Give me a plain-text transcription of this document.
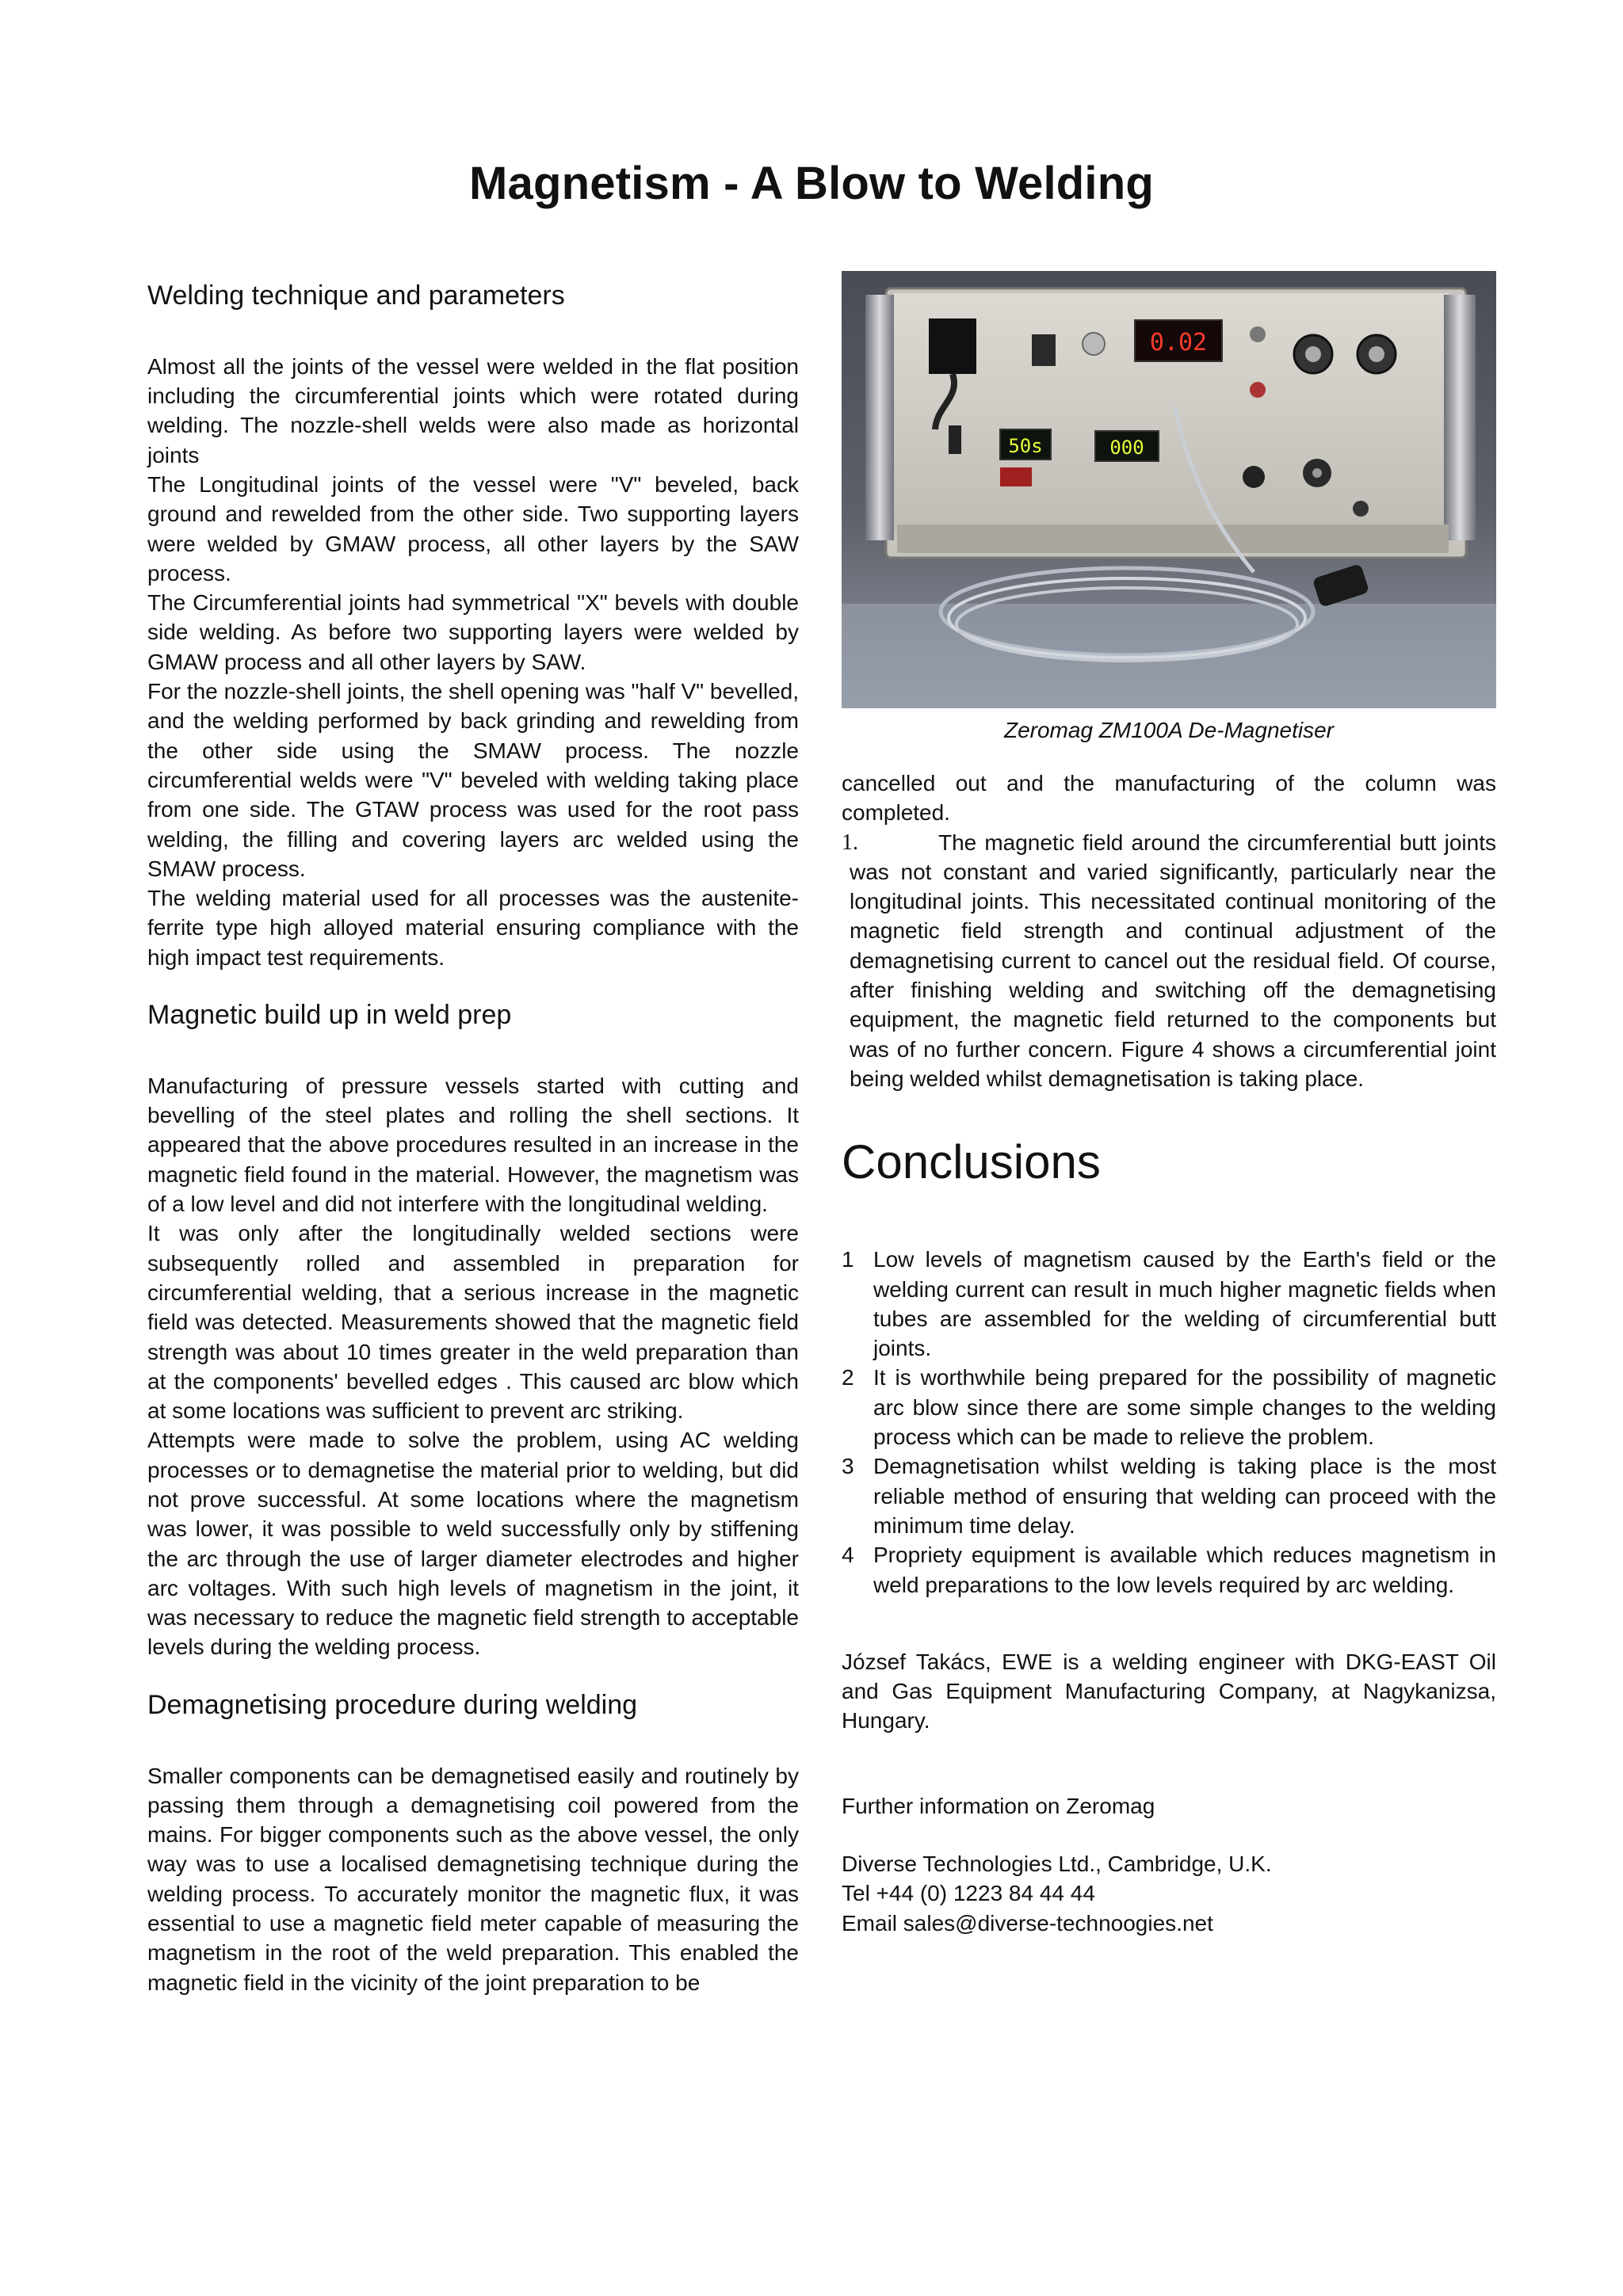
Magnetism - A Blow to Welding
Welding technique and parameters

Almost all the joints of the vessel were welded in the flat position including the circumferential joints which were rotated during welding. The nozzle-shell welds were also made as horizontal joints

The Longitudinal joints of the vessel were "V" beveled, back ground and rewelded from the other side. Two supporting layers were welded by GMAW process, all other layers by the SAW process.

The Circumferential joints had symmetrical "X" bevels with double side welding. As before two supporting layers were welded by GMAW process and all other layers by SAW.

For the nozzle-shell joints, the shell opening was "half V" bevelled, and the welding performed by back grinding and rewelding from the other side using the SMAW process. The nozzle circumferential welds were "V" beveled with welding taking place from one side. The GTAW process was used for the root pass welding, the filling and covering layers arc welded using the SMAW process.

The welding material used for all processes was the austenite-ferrite type high alloyed material ensuring compliance with the high impact test requirements.

Magnetic build up in weld prep

Manufacturing of pressure vessels started with cutting and bevelling of the steel plates and rolling the shell sections. It appeared that the above procedures resulted in an increase in the magnetic field found in the material. However, the magnetism was of a low level and did not interfere with the longitudinal welding.

It was only after the longitudinally welded sections were subsequently rolled and assembled in preparation for circumferential welding, that a serious increase in the magnetic field was detected. Measurements showed that the magnetic field strength was about 10 times greater in the weld preparation than at the components' bevelled edges . This caused arc blow which at some locations was sufficient to prevent arc striking.

Attempts were made to solve the problem, using AC welding processes or to demagnetise the material prior to welding, but did not prove successful. At some locations where the magnetism was lower, it was possible to weld successfully only by stiffening the arc through the use of larger diameter electrodes and higher arc voltages. With such high levels of magnetism in the joint, it was necessary to reduce the magnetic field strength to acceptable levels during the welding process.

Demagnetising procedure during welding

Smaller components can be demagnetised easily and routinely by passing them through a demagnetising coil powered from the mains. For bigger components such as the above vessel, the only way was to use a localised demagnetising technique during the welding process. To accurately monitor the magnetic flux, it was essential to use a magnetic field meter capable of measuring the magnetism in the root of the weld preparation. This enabled the magnetic field in the vicinity of the joint preparation to be

0.02
50s	000
Zeromag ZM100A De-Magnetiser

cancelled out and the manufacturing of the column was completed.

1.	The magnetic field around the circumferential butt joints was not constant and varied significantly, particularly near the longitudinal joints. This necessitated continual monitoring of the magnetic field strength and continual adjustment of the demagnetising current to cancel out the residual field. Of course, after finishing welding and switching off the demagnetising equipment, the magnetic field returned to the components but was of no further concern. Figure 4 shows a circumferential joint being welded whilst demagnetisation is taking place.
Conclusions
1 Low levels of magnetism caused by the Earth's field or the welding current can result in much higher magnetic fields when tubes are assembled for the welding of circumferential butt joints.
2 It is worthwhile being prepared for the possibility of magnetic arc blow since there are some simple changes to the welding process which can be made to relieve the problem.
3 Demagnetisation whilst welding is taking place is the most reliable method of ensuring that welding can proceed with the minimum time delay.
4 Propriety equipment is available which reduces magnetism in weld preparations to the low levels required by arc welding.

József Takács, EWE is a welding engineer with DKG-EAST Oil and Gas Equipment Manufacturing Company, at Nagykanizsa, Hungary.

Further information on Zeromag

Diverse Technologies Ltd., Cambridge, U.K.
Tel +44 (0) 1223 84 44 44
Email sales@diverse-technoogies.net
